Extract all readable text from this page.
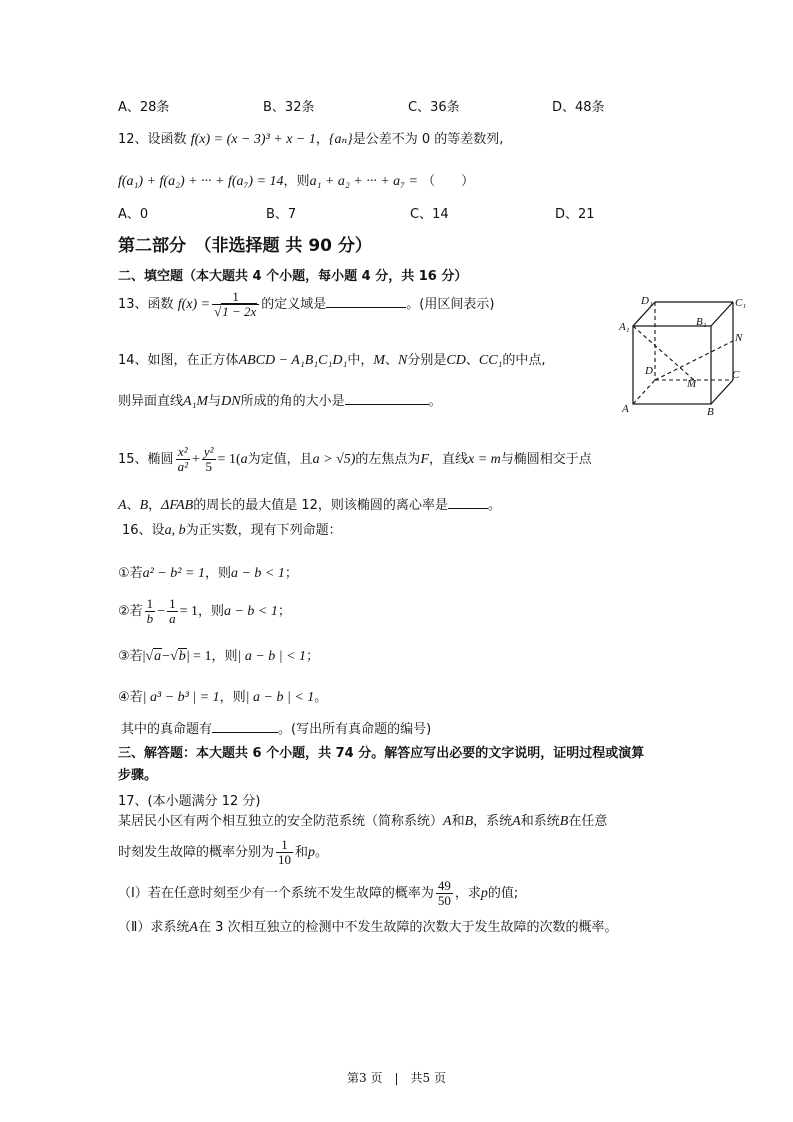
A、28条	B、32条	C、36条	D、48条
12、设函数 f(x) = (x − 3)³ + x − 1，{aₙ}是公差不为 0 的等差数列,
f(a₁) + f(a₂) + ··· + f(a₇) = 14，则a₁ + a₂ + ··· + a₇ = （　　）
A、0	B、7	C、14	D、21
第二部分　（非选择题 共 90 分）
二、填空题（本大题共 4 个小题，每小题 4 分，共 16 分）
13、函数 $f(x) = \frac{1}{√1 - 2x}$ 的定义域是	。(用区间表示)
14、如图，在正方体ABCD − A₁B₁C₁D₁中，M、N分别是CD、CC₁的中点,
则异面直线A₁M与DN所成的角的大小是	。
D₁	C₁
A₁	B₁
N
D
M
C
A	B
15、椭圆 $\frac{\text{x²}}{\text{a²}} + \frac{\text{y²}}{5} = 1(a$为定值，且a > √5)的左焦点为F，直线x = m与椭圆相交于点
A、B，ΔFAB的周长的最大值是 12，则该椭圆的离心率是	。
16、设a, b为正实数，现有下列命题：
①若a² − b² = 1，则a − b < 1；
②若 $\frac{1}{b} - \frac{1}{a} = 1$，则a − b < 1；
③若|√a−√b| = 1，则| a − b | < 1；
④若| a³ − b³ | = 1，则| a − b | < 1。
其中的真命题有	。(写出所有真命题的编号)
三、解答题：本大题共 6 个小题，共 74 分。解答应写出必要的文字说明，证明过程或演算
步骤。
17、(本小题满分 12 分)
某居民小区有两个相互独立的安全防范系统（简称系统）A和B，系统A和系统B在任意
时刻发生故障的概率分别为 $\frac{1}{10}$ 和p。
（Ⅰ）若在任意时刻至少有一个系统不发生故障的概率为 $\frac{49}{50}$ ，求p的值;
（Ⅱ）求系统A在 3 次相互独立的检测中不发生故障的次数大于发生故障的次数的概率。
第3 页　|　共5 页
